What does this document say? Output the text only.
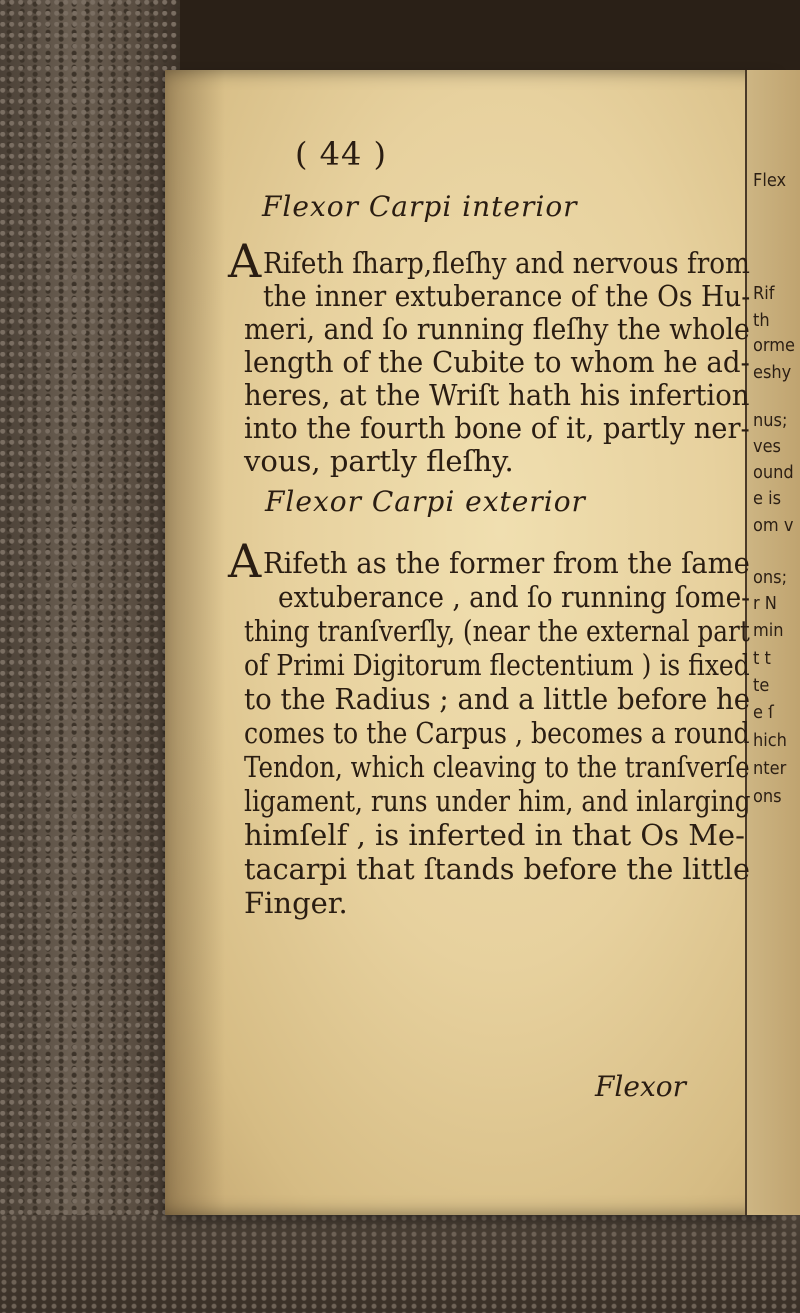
Flex
Rif
th
orme
eshy
nus;
ves
ound
e is
om v
ons;
r N
min
t t
te
e ſ
hich
nter
ons
( 44 )
Flexor Carpi interior
A Rifeth ſharp,fleſhy and nervous from
the inner extuberance of the Os Hu-
meri, and ſo running fleſhy the whole
length of the Cubite to whom he ad-
heres, at the Wriſt hath his infertion
into the fourth bone of it, partly ner-
vous, partly fleſhy.
Flexor Carpi exterior
A Rifeth as the former from the ſame
extuberance , and ſo running ſome-
thing tranſverſly, (near the external part
of Primi Digitorum flectentium ) is fixed
to the Radius ; and a little before he
comes to the Carpus , becomes a round
Tendon, which cleaving to the tranſverſe
ligament, runs under him, and inlarging
himſelf , is inferted in that Os Me-
tacarpi that ſtands before the little
Finger.
Flexor
